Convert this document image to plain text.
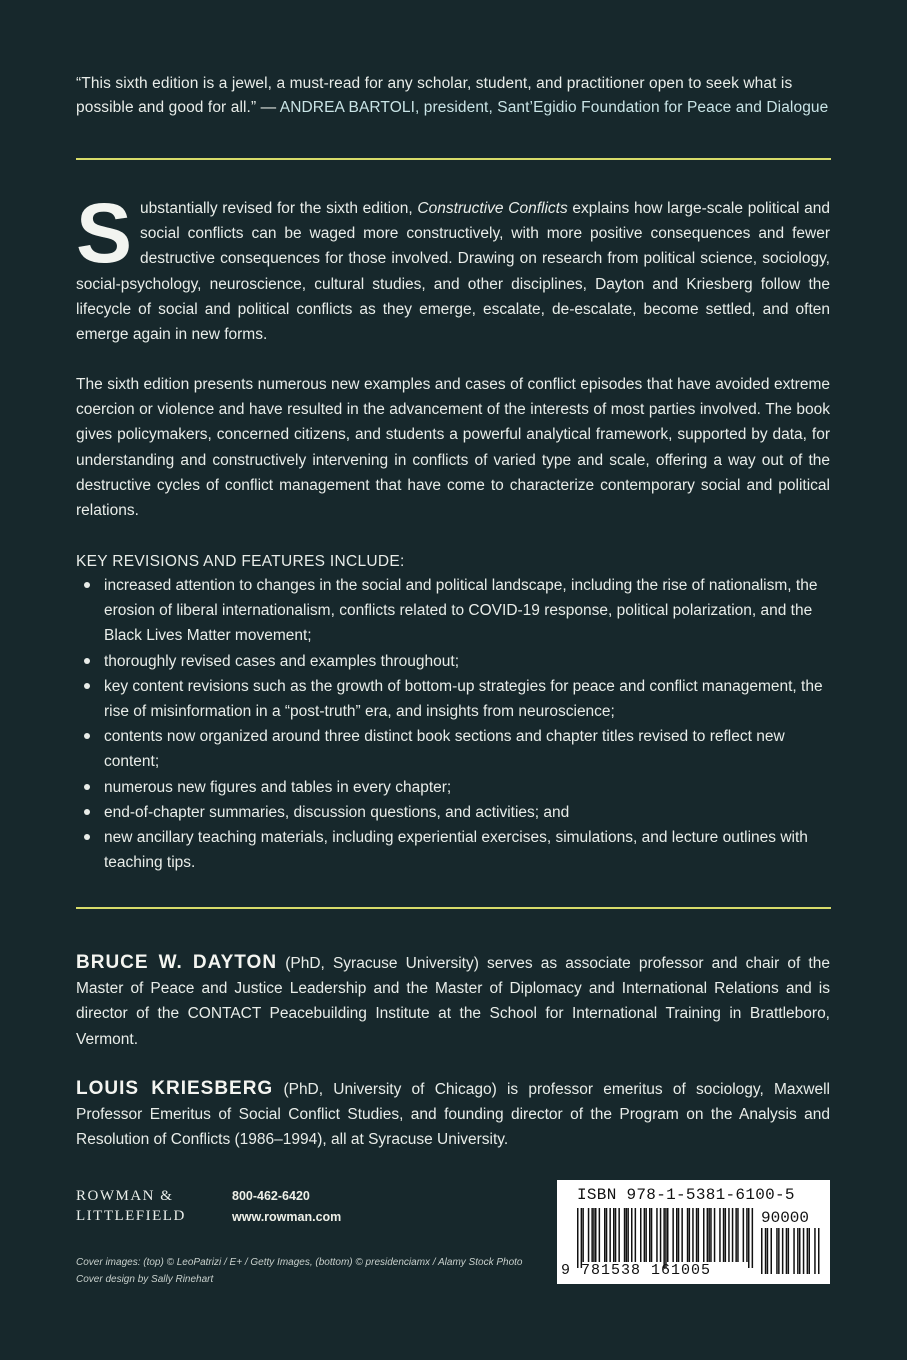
“This sixth edition is a jewel, a must-read for any scholar, student, and practitioner open to seek what is possible and good for all.” — ANDREA BARTOLI, president, Sant’Egidio Foundation for Peace and Dialogue
Substantially revised for the sixth edition, Constructive Conflicts explains how large-scale political and social conflicts can be waged more constructively, with more positive consequences and fewer destructive consequences for those involved. Drawing on research from political science, sociology, social-psychology, neuroscience, cultural studies, and other disciplines, Dayton and Kriesberg follow the lifecycle of social and political conflicts as they emerge, escalate, de-escalate, become settled, and often emerge again in new forms.
The sixth edition presents numerous new examples and cases of conflict episodes that have avoided extreme coercion or violence and have resulted in the advancement of the interests of most parties involved. The book gives policymakers, concerned citizens, and students a powerful analytical framework, supported by data, for understanding and constructively intervening in conflicts of varied type and scale, offering a way out of the destructive cycles of conflict management that have come to characterize contemporary social and political relations.
KEY REVISIONS AND FEATURES INCLUDE:
increased attention to changes in the social and political landscape, including the rise of nationalism, the erosion of liberal internationalism, conflicts related to COVID-19 response, political polarization, and the Black Lives Matter movement;
thoroughly revised cases and examples throughout;
key content revisions such as the growth of bottom-up strategies for peace and conflict management, the rise of misinformation in a “post-truth” era, and insights from neuroscience;
contents now organized around three distinct book sections and chapter titles revised to reflect new content;
numerous new figures and tables in every chapter;
end-of-chapter summaries, discussion questions, and activities; and
new ancillary teaching materials, including experiential exercises, simulations, and lecture outlines with teaching tips.
BRUCE W. DAYTON (PhD, Syracuse University) serves as associate professor and chair of the Master of Peace and Justice Leadership and the Master of Diplomacy and International Relations and is director of the CONTACT Peacebuilding Institute at the School for International Training in Brattleboro, Vermont.
LOUIS KRIESBERG (PhD, University of Chicago) is professor emeritus of sociology, Maxwell Professor Emeritus of Social Conflict Studies, and founding director of the Program on the Analysis and Resolution of Conflicts (1986–1994), all at Syracuse University.
ROWMAN &
LITTLEFIELD
800-462-6420
www.rowman.com
Cover images: (top) © LeoPatrizi / E+ / Getty Images, (bottom) © presidenciamx / Alamy Stock Photo
Cover design by Sally Rinehart
ISBN 978-1-5381-6100-5
90000
9 781538 161005
